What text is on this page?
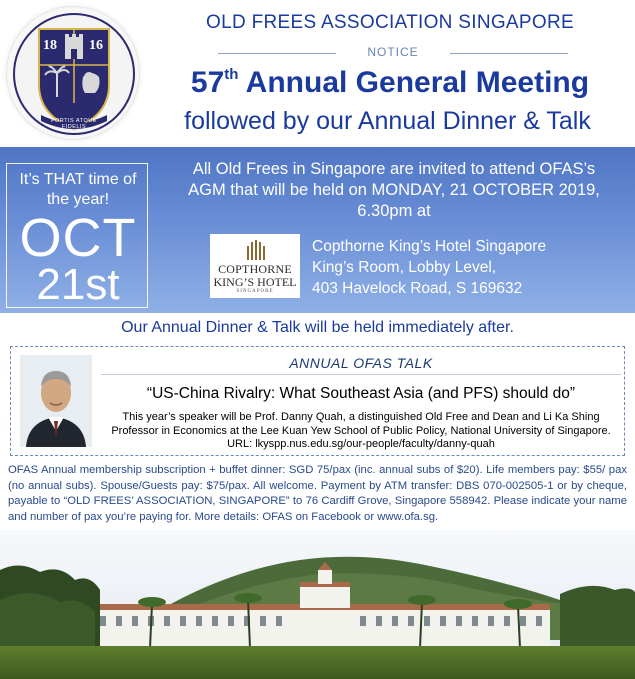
18 16
FORTIS ATQUE FIDELIS
OLD FREES ASSOCIATION SINGAPORE
NOTICE
57th Annual General Meeting
followed by our Annual Dinner & Talk
It’s THAT time of the year!
OCT
21st
All Old Frees in Singapore are invited to attend OFAS’s
AGM that will be held on MONDAY, 21 OCTOBER 2019,
6.30pm at
COPTHORNE
KING’S HOTEL
SINGAPORE
Copthorne King’s Hotel Singapore
King’s Room, Lobby Level,
403 Havelock Road, S 169632
Our Annual Dinner & Talk will be held immediately after.
ANNUAL OFAS TALK
“US-China Rivalry: What Southeast Asia (and PFS) should do”
This year’s speaker will be Prof. Danny Quah, a distinguished Old Free and Dean and Li Ka Shing Professor in Economics at the Lee Kuan Yew School of Public Policy, National University of Singapore. URL: lkyspp.nus.edu.sg/our-people/faculty/danny-quah
OFAS Annual membership subscription + buffet dinner: SGD 75/pax (inc. annual subs of $20). Life members pay: $55/ pax (no annual subs). Spouse/Guests pay: $75/pax. All welcome. Payment by ATM transfer: DBS 070-002505-1 or by cheque, payable to “OLD FREES’ ASSOCIATION, SINGAPORE” to 76 Cardiff Grove, Singapore 558942. Please indicate your name and number of pax you’re paying for. More details: OFAS on Facebook or www.ofa.sg.
